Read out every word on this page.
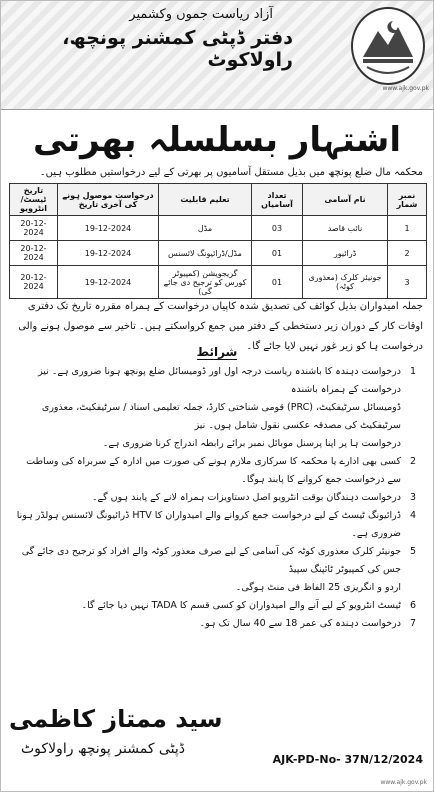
آزاد ریاست جموں وکشمیر
دفتر ڈپٹی کمشنر پونچھ، راولاکوٹ
www.ajk.gov.pk
اشتہار بسلسلہ بھرتی
محکمہ مال ضلع پونچھ میں بذیل مستقل آسامیوں پر بھرتی کے لیے درخواستیں مطلوب ہیں۔
نمبر شمار	نام آسامی	تعداد آسامیاں	تعلیم قابلیت	درخواست موصول ہونے کی آخری تاریخ	تاریخ ٹیسٹ/انٹرویو
1	نائب قاصد	03	مڈل	19-12-2024	20-12-2024
2	ڈرائیور	01	مڈل/ڈرائیونگ لائسنس	19-12-2024	20-12-2024
3	جونیئر کلرک (معذوری کوٹہ)	01	گریجویشن (کمپیوٹر کورس کو ترجیح دی جائے گی)	19-12-2024	20-12-2024
جملہ امیدواران بذیل کوائف کی تصدیق شدہ کاپیاں درخواست کے ہمراہ مقررہ تاریخ تک دفتری اوقات کار کے دوران زیر دستخطی کے دفتر میں جمع کرواسکتے ہیں۔ تاخیر سے موصول ہونے والی درخواست ہا کو زیر غور نہیں لایا جائے گا۔
شرائط
1
درخواست دہندہ کا باشندہ ریاست درجہ اول اور ڈومیسائل ضلع پونچھ ہونا ضروری ہے۔ نیز درخواست کے ہمراہ باشندہ
ڈومیسائل سرٹیفکیٹ، (PRC) قومی شناختی کارڈ، جملہ تعلیمی اسناد / سرٹیفکیٹ، معذوری سرٹیفکیٹ کی مصدقہ عکسی نقول شامل ہوں۔ نیز
درخواست ہا پر اپنا پرسنل موبائل نمبر برائے رابطہ اندراج کرنا ضروری ہے۔
2
کسی بھی ادارے یا محکمہ کا سرکاری ملازم ہونے کی صورت میں ادارہ کے سربراہ کی وساطت سے درخواست جمع کروانے کا پابند ہوگا۔
3
درخواست دہندگان بوقت انٹرویو اصل دستاویزات ہمراہ لانے کے پابند ہوں گے۔
4
ڈرائیونگ ٹیسٹ کے لیے درخواست جمع کروانے والے امیدواران کا HTV ڈرائیونگ لائسنس ہولڈر ہونا ضروری ہے۔
5
جونیئر کلرک معذوری کوٹہ کی آسامی کے لیے صرف معذور کوٹہ والے افراد کو ترجیح دی جائے گی جس کی کمپیوٹر ٹائپنگ سپیڈ
اردو و انگریزی 25 الفاظ فی منٹ ہوگی۔
6
ٹیسٹ انٹرویو کے لیے آنے والے امیدواران کو کسی قسم کا TADA نہیں دیا جائے گا۔
7
درخواست دہندہ کی عمر 18 سے 40 سال تک ہو۔
سید ممتاز کاظمی
ڈپٹی کمشنر پونچھ راولاکوٹ
AJK-PD-No- 37N/12/2024
www.ajk.gov.pk
